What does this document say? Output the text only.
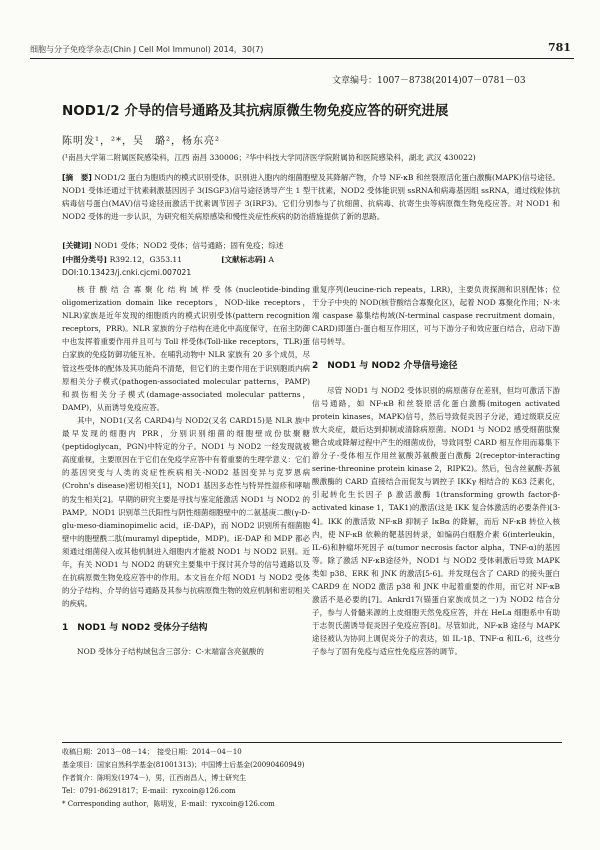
细胞与分子免疫学杂志(Chin J Cell Mol Immunol) 2014，30(7)	781
文章编号：1007－8738(2014)07－0781－03
NOD1/2 介导的信号通路及其抗病原微生物免疫应答的研究进展
陈明发¹，²*，吴　璐²，杨东亮²
(¹南昌大学第二附属医院感染科，江西 南昌 330006；²华中科技大学同济医学院附属协和医院感染科，湖北 武汉 430022)
[摘　要] NOD1/2 蛋白为胞质内的模式识别受体，识别进入胞内的细菌胞壁及其降解产物，介导 NF-κB 和丝裂原活化蛋白激酶(MAPK)信号途径。NOD1 受体还通过干扰素刺激基因因子 3(ISGF3)信号途径诱导产生 1 型干扰素，NOD2 受体能识别 ssRNA和病毒基因组 ssRNA，通过线粒体抗病毒信号蛋白(MAV)信号途径而激活干扰素调节因子 3(IRF3)。它们分别参与了抗细菌、抗病毒、抗寄生虫等病原微生物免疫应答。对 NOD1 和 NOD2 受体的进一步认识，为研究相关病原感染和慢性炎症性疾病的防治措施提供了新的思路。
[关键词] NOD1 受体；NOD2 受体；信号通路；固有免疫；综述
[中图分类号] R392.12，G353.11	[文献标志码] A
DOI:10.13423/j.cnki.cjcmi.007021

核苷酸结合寡聚化结构域样受体(nucleotide-binding oligomerization domain like receptors，NOD-like receptors，NLR)家族是近年发现的细胞质内的模式识别受体(pattern recognition receptors，PRR)。NLR 家族的分子结构在进化中高度保守，在宿主防御中也发挥着重要作用并且可与 Toll 样受体(Toll-like receptors，TLR)蛋白家族的免疫防御功能互补。在哺乳动物中 NLR 家族有 20 多个成员，尽管这些受体的配体及其功能尚不清楚，但它们的主要作用在于识别胞质内病原相关分子模式(pathogen-associated molecular patterns，PAMP)和损伤相关分子模式(damage-associated molecular patterns，DAMP)，从而诱导免疫应答。

其中，NOD1(又名 CARD4)与 NOD2(又名 CARD15)是 NLR 族中最早发现的细胞内 PRR，分别识别细菌的细胞壁成份肽聚糖(peptidoglycan，PGN)中特定的分子。NOD1 与 NOD2 一经发现就被高度重视，主要原因在于它们在免疫学应答中有着重要的生理学意义：它们的基因突变与人类的炎症性疾病相关-NOD2 基因变异与克罗恩病(Crohn's disease)密切相关[1]，NOD1 基因多态性与特异性湿疹和哮喘的发生相关[2]。早期的研究主要是寻找与鉴定能激活 NOD1 与 NOD2 的 PAMP。NOD1 识别革兰氏阳性与阴性细菌细胞壁中的二氨基庚二酸(γ-D-glu-meso-diaminopimelic acid，iE-DAP)，而 NOD2 识别所有细菌胞壁中的胞壁酰二肽(muramyl dipeptide，MDP)。iE-DAP 和 MDP 都必须通过细菌侵入或其他机制进入细胞内才能被 NOD1 与 NOD2 识别。近年，有关 NOD1 与 NOD2 的研究主要集中于探讨其介导的信号通路以及在抗病原微生物免疫应答中的作用。本文旨在介绍 NOD1 与 NOD2 受体的分子结构、介导的信号通路及其参与抗病原微生物的效应机制和密切相关的疾病。

1　NOD1 与 NOD2 受体分子结构

NOD 受体分子结构域包含三部分：C-末端富含亮氨酸的

重复序列(leucine-rich repeats，LRR)，主要负责探测和识别配体；位于分子中央的 NOD(核苷酸结合寡聚化区)，起着 NOD 寡聚化作用；N-末端 caspase 募集结构域(N-terminal caspase recruitment domain，CARD)即蛋白-蛋白相互作用区，可与下游分子和效应蛋白结合，启动下游信号转导。

2　NOD1 与 NOD2 介导信号途径

尽管 NOD1 与 NOD2 受体识别的病原菌存在差别，但均可激活下游信号通路，如 NF-κB 和丝裂原活化蛋白激酶(mitogen activated protein kinases，MAPK)信号，然后导致促炎因子分泌，通过级联反应放大炎症，最后达到抑制或清除病原菌。NOD1 与 NOD2 感受细菌肽聚糖合成或降解过程中产生的细菌成份，导致同型 CARD 相互作用而募集下游分子-受体相互作用丝氨酸苏氨酸蛋白激酶 2(receptor-interacting serine-threonine protein kinase 2，RIPK2)。然后，包含丝氨酸-苏氨酸激酶的 CARD 直接结合而促发与调控子 IKKγ 相结合的 K63 泛素化，引起转化生长因子 β 激活激酶 1(transforming growth factor-β-activated kinase 1，TAK1)的激活(这是 IKK 复合体激活的必要条件)[3-4]。IKK 的激活致 NF-κB 抑制子 IκBα 的降解，而后 NF-κB 转位入核内，使 NF-κB 依赖的靶基因转录，如编码白细胞介素 6(interleukin，IL-6)和肿瘤坏死因子 α(tumor necrosis factor alpha，TNF-α)的基因等。除了激活 NF-κB途径外，NOD1 与 NOD2 受体刺激后导致 MAPK 类如 p38、ERK 和 JNK 的激活[5-6]。并发现包含了 CARD 的接头蛋白 CARD9 在 NOD2 激活 p38 和 JNK 中起着重要的作用，而它对 NF-κB 激活不是必要的[7]。Ankrd17(锚蛋白家族成员之一)为 NOD2 结合分子，参与人骨髓来源的上皮细胞天然免疫应答，并在 HeLa 细胞系中有助于志贺氏菌诱导促炎因子免疫应答[8]。尽管如此，NF-κB 途径与 MAPK 途径被认为协同上调促炎分子的表达，如 IL-1β、TNF-α 和IL-6，这些分子参与了固有免疫与适应性免疫应答的调节。

收稿日期：2013－08－14；　接受日期：2014－04－10
基金项目：国家自然科学基金(81001313)；中国博士后基金(20090460949)
作者简介：陈明发(1974－)，男，江西南昌人，博士研究生
Tel：0791-86291817；E-mail：ryxcoin@126.com
* Corresponding author，陈明发，E-mail：ryxcoin@126.com
